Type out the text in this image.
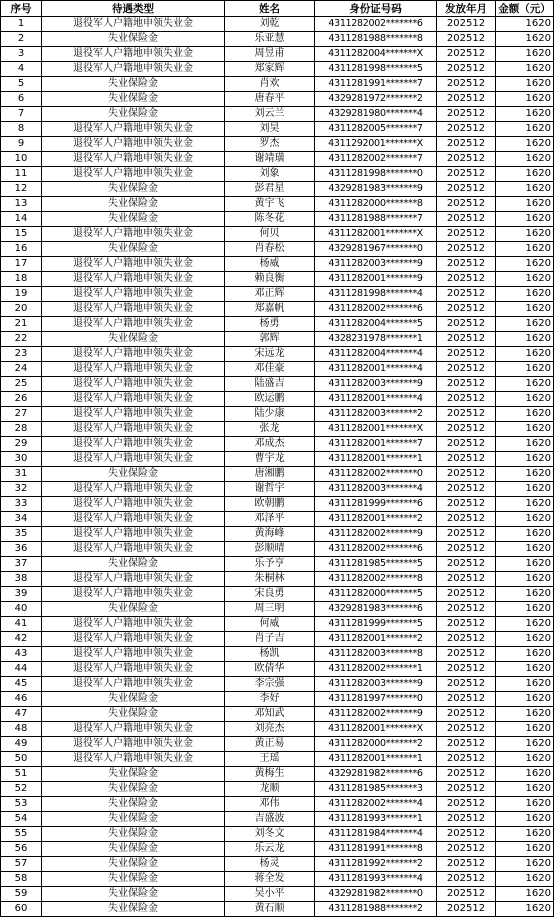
序号	待遇类型	姓名	身份证号码	发放年月	金额（元）
1	退役军人户籍地申领失业金	刘乾	4311282002*******6	202512	1620
2	失业保险金	乐亚慧	4311281988*******8	202512	1620
3	退役军人户籍地申领失业金	周昱甫	4311282004*******X	202512	1620
4	退役军人户籍地申领失业金	郑家辉	4311281998*******5	202512	1620
5	失业保险金	肖欢	4311281991*******7	202512	1620
6	失业保险金	唐春平	4329281972*******2	202512	1620
7	失业保险金	刘云兰	4329281980*******4	202512	1620
8	退役军人户籍地申领失业金	刘昊	4311282005*******7	202512	1620
9	退役军人户籍地申领失业金	罗杰	4311292001*******X	202512	1620
10	退役军人户籍地申领失业金	谢靖璜	4311282002*******7	202512	1620
11	退役军人户籍地申领失业金	刘象	4311281998*******0	202512	1620
12	失业保险金	彭君星	4329281983*******9	202512	1620
13	失业保险金	黄宇飞	4311282000*******8	202512	1620
14	失业保险金	陈冬花	4311281988*******7	202512	1620
15	退役军人户籍地申领失业金	何贝	4311282001*******X	202512	1620
16	失业保险金	肖春松	4329281967*******0	202512	1620
17	退役军人户籍地申领失业金	杨威	4311282003*******9	202512	1620
18	退役军人户籍地申领失业金	赖良衡	4311282001*******9	202512	1620
19	退役军人户籍地申领失业金	邓正辉	4311281998*******4	202512	1620
20	退役军人户籍地申领失业金	郑嘉帆	4311282002*******6	202512	1620
21	退役军人户籍地申领失业金	杨勇	4311282004*******5	202512	1620
22	失业保险金	郭辉	4328231978*******1	202512	1620
23	退役军人户籍地申领失业金	宋远龙	4311282004*******4	202512	1620
24	退役军人户籍地申领失业金	邓佳豪	4311282001*******4	202512	1620
25	退役军人户籍地申领失业金	陆盛吉	4311282003*******9	202512	1620
26	退役军人户籍地申领失业金	欧运鹏	4311282001*******4	202512	1620
27	退役军人户籍地申领失业金	陆少康	4311282003*******2	202512	1620
28	退役军人户籍地申领失业金	张龙	4311282001*******X	202512	1620
29	退役军人户籍地申领失业金	邓成杰	4311282001*******7	202512	1620
30	退役军人户籍地申领失业金	曹宇龙	4311282001*******1	202512	1620
31	失业保险金	唐湘鹏	4311282002*******0	202512	1620
32	退役军人户籍地申领失业金	谢哲宇	4311282003*******4	202512	1620
33	退役军人户籍地申领失业金	欧朝鹏	4311281999*******6	202512	1620
34	退役军人户籍地申领失业金	邓泽平	4311282001*******2	202512	1620
35	退役军人户籍地申领失业金	黄海峰	4311282002*******9	202512	1620
36	退役军人户籍地申领失业金	彭顺晴	4311282002*******6	202512	1620
37	失业保险金	乐予亨	4311281985*******5	202512	1620
38	退役军人户籍地申领失业金	朱桐林	4311282002*******8	202512	1620
39	退役军人户籍地申领失业金	宋良勇	4311282000*******5	202512	1620
40	失业保险金	周三明	4329281983*******6	202512	1620
41	退役军人户籍地申领失业金	何威	4311281999*******5	202512	1620
42	退役军人户籍地申领失业金	肖子吉	4311282001*******2	202512	1620
43	退役军人户籍地申领失业金	杨凯	4311282003*******8	202512	1620
44	退役军人户籍地申领失业金	欧倩华	4311282002*******1	202512	1620
45	退役军人户籍地申领失业金	李宗强	4311282003*******9	202512	1620
46	失业保险金	李好	4311281997*******0	202512	1620
47	失业保险金	邓知武	4311282002*******9	202512	1620
48	退役军人户籍地申领失业金	刘亮杰	4311282001*******X	202512	1620
49	退役军人户籍地申领失业金	黄正易	4311282000*******2	202512	1620
50	退役军人户籍地申领失业金	王瑶	4311282001*******1	202512	1620
51	失业保险金	黄梅生	4329281982*******6	202512	1620
52	失业保险金	龙顺	4311281985*******3	202512	1620
53	失业保险金	邓伟	4311282002*******4	202512	1620
54	失业保险金	吉盛波	4311281993*******1	202512	1620
55	失业保险金	刘冬文	4311281984*******4	202512	1620
56	失业保险金	乐云龙	4311281991*******8	202512	1620
57	失业保险金	杨灵	4311281992*******2	202512	1620
58	失业保险金	蒋全发	4311281993*******4	202512	1620
59	失业保险金	吴小平	4329281982*******0	202512	1620
60	失业保险金	黄石顺	4311281988*******2	202512	1620
